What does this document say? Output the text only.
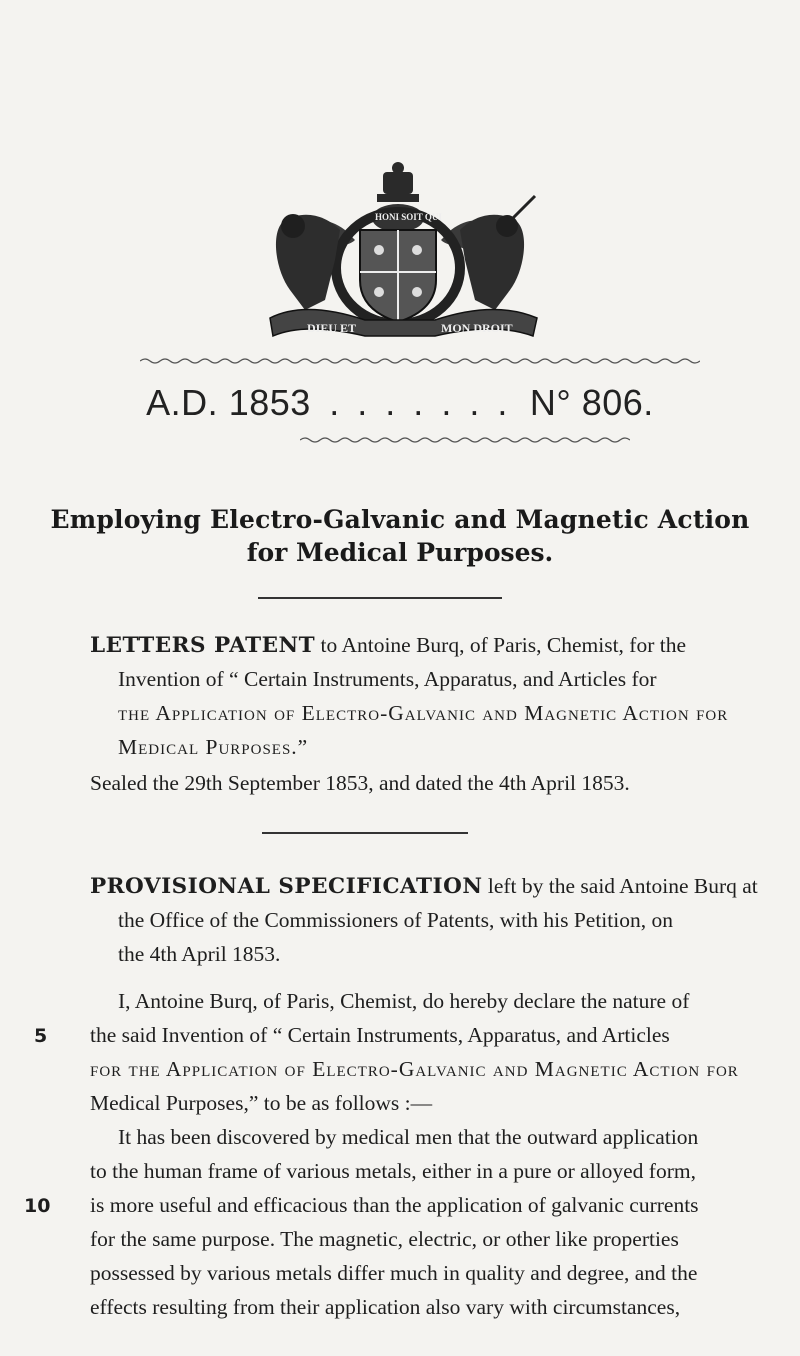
DIEU ET	MON DROIT
HONI SOIT QUI
A.D. 1853 . . . . . . . N° 806.
Employing Electro-Galvanic and Magnetic Action
for Medical Purposes.
LETTERS PATENT to Antoine Burq, of Paris, Chemist, for the
Invention of “ Certain Instruments, Apparatus, and Articles for
the Application of Electro-Galvanic and Magnetic Action for
Medical Purposes.”
Sealed the 29th September 1853, and dated the 4th April 1853.
PROVISIONAL SPECIFICATION left by the said Antoine Burq at
the Office of the Commissioners of Patents, with his Petition, on
the 4th April 1853.
I, Antoine Burq, of Paris, Chemist, do hereby declare the nature of
5 the said Invention of “ Certain Instruments, Apparatus, and Articles
for the Application of Electro-Galvanic and Magnetic Action for
Medical Purposes,” to be as follows :—
It has been discovered by medical men that the outward application
to the human frame of various metals, either in a pure or alloyed form,
10 is more useful and efficacious than the application of galvanic currents
for the same purpose. The magnetic, electric, or other like properties
possessed by various metals differ much in quality and degree, and the
effects resulting from their application also vary with circumstances,
